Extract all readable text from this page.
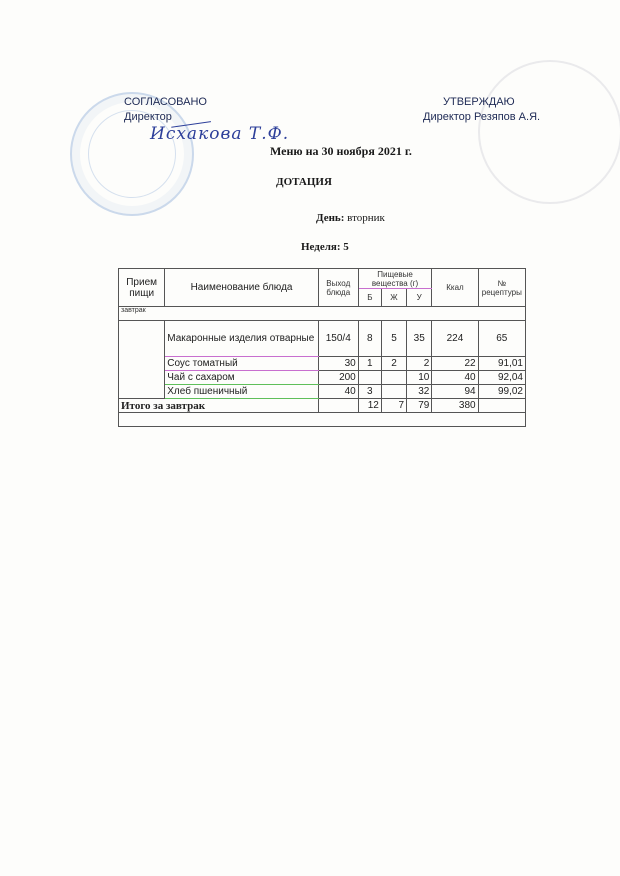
СОГЛАСОВАНО
Директор
Исхакова Т.Ф.
УТВЕРЖДАЮ
Директор Резяпов А.Я.
Меню на 30 ноября 2021 г.
ДОТАЦИЯ
День: вторник
Неделя: 5
Прием пищи	Наименование блюда	Выход блюда	Пищевые вещества (г)			Ккал	№ рецептуры
			Б	Ж	У		
завтрак							
	Макаронные изделия отварные	150/4	8	5	35	224	65
	Соус томатный	30	1	2	2	22	91,01
	Чай с сахаром	200			10	40	92,04
	Хлеб пшеничный	40	3		32	94	99,02
Итого за завтрак			12	7	79	380	
